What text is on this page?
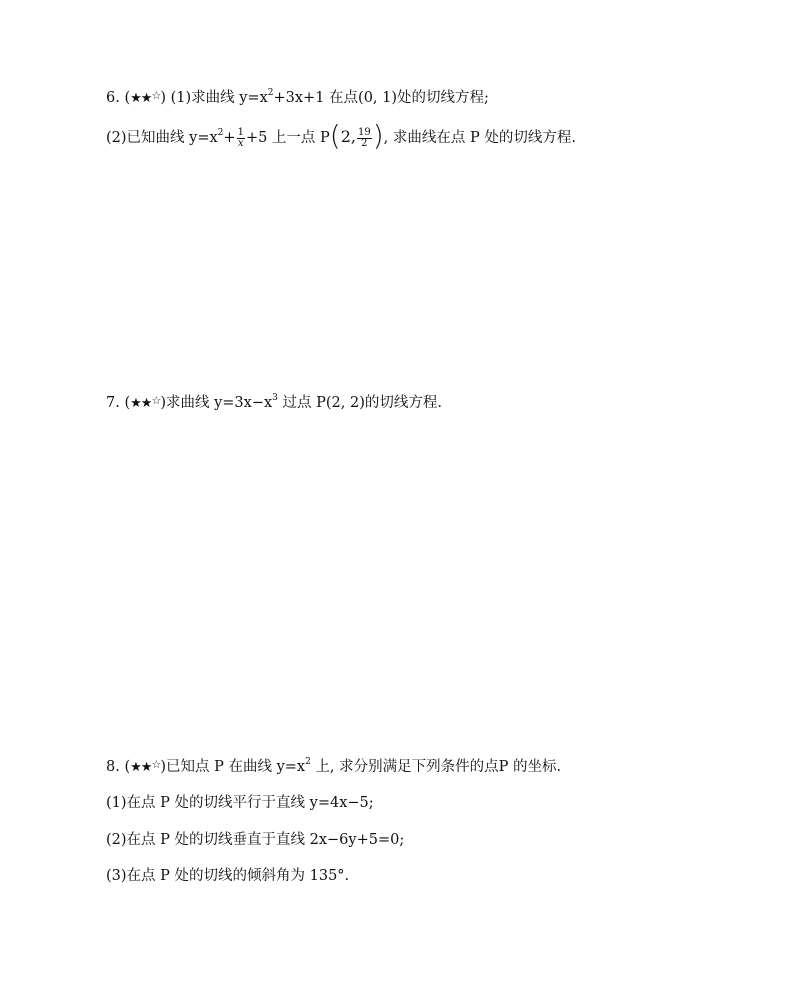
6. (★★☆) (1)求曲线 $y=x^2+3x+1$ 在点(0, 1)处的切线方程;
(2)已知曲线 $y=x^2+ \frac{1}{x} +5$ 上一点 P(2, $\frac{19}{2}$ ), 求曲线在点 P 处的切线方程.
7. (★★☆)求曲线 $y=3x-x^3$ 过点 P(2, 2)的切线方程.
8. (★★☆)已知点 P 在曲线 $y=x^2$ 上, 求分别满足下列条件的点P 的坐标.
(1)在点 P 处的切线平行于直线 y=4x−5;
(2)在点 P 处的切线垂直于直线 2x−6y+5=0;
(3)在点 P 处的切线的倾斜角为 135°.
